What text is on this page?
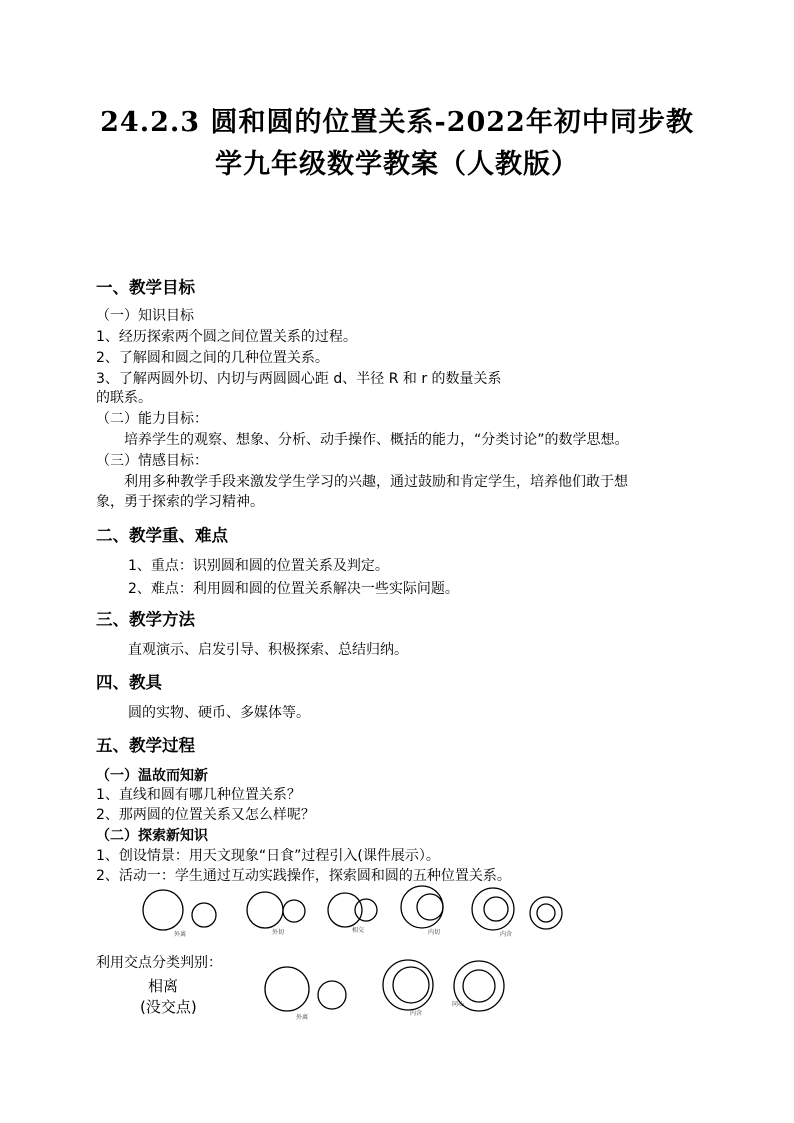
24.2.3 圆和圆的位置关系-2022年初中同步教
学九年级数学教案（人教版）
一、教学目标
（一）知识目标
1、经历探索两个圆之间位置关系的过程。
2、了解圆和圆之间的几种位置关系。
3、了解两圆外切、内切与两圆圆心距 d、半径 R 和 r 的数量关系
的联系。
（二）能力目标：
培养学生的观察、想象、分析、动手操作、概括的能力，“分类讨论”的数学思想。
（三）情感目标：
利用多种教学手段来激发学生学习的兴趣，通过鼓励和肯定学生，培养他们敢于想
象，勇于探索的学习精神。
二、教学重、难点
1、重点：识别圆和圆的位置关系及判定。
2、难点：利用圆和圆的位置关系解决一些实际问题。
三、教学方法
直观演示、启发引导、积极探索、总结归纳。
四、教具
圆的实物、硬币、多媒体等。
五、教学过程
（一）温故而知新
1、直线和圆有哪几种位置关系？
2、那两圆的位置关系又怎么样呢？
（二）探索新知识
1、创设情景：用天文现象“日食”过程引入(课件展示）。
2、活动一：学生通过互动实践操作，探索圆和圆的五种位置关系。
利用交点分类判别：
相离
(没交点)
外离	外切	相交	内切	内含
外离
内含
同心
